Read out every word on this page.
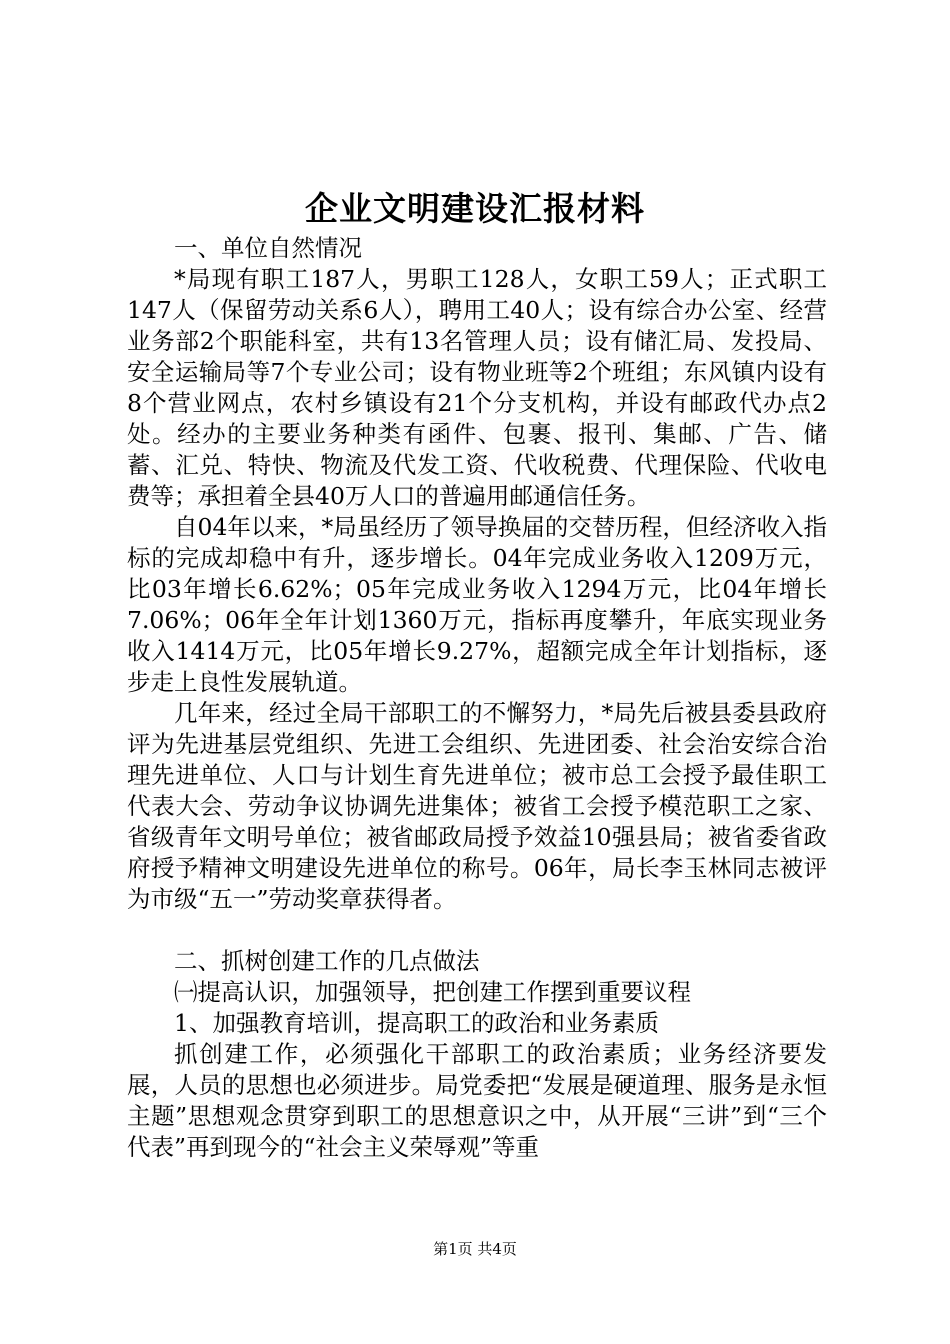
企业文明建设汇报材料

一、单位自然情况

*局现有职工187人，男职工128人，女职工59人；正式职工147人（保留劳动关系6人），聘用工40人；设有综合办公室、经营业务部2个职能科室，共有13名管理人员；设有储汇局、发投局、安全运输局等7个专业公司；设有物业班等2个班组；东风镇内设有8个营业网点，农村乡镇设有21个分支机构，并设有邮政代办点2处。经办的主要业务种类有函件、包裹、报刊、集邮、广告、储蓄、汇兑、特快、物流及代发工资、代收税费、代理保险、代收电费等；承担着全县40万人口的普遍用邮通信任务。

自04年以来，*局虽经历了领导换届的交替历程，但经济收入指标的完成却稳中有升，逐步增长。04年完成业务收入1209万元，比03年增长6.62%；05年完成业务收入1294万元，比04年增长7.06%；06年全年计划1360万元，指标再度攀升，年底实现业务收入1414万元，比05年增长9.27%，超额完成全年计划指标，逐步走上良性发展轨道。

几年来，经过全局干部职工的不懈努力，*局先后被县委县政府评为先进基层党组织、先进工会组织、先进团委、社会治安综合治理先进单位、人口与计划生育先进单位；被市总工会授予最佳职工代表大会、劳动争议协调先进集体；被省工会授予模范职工之家、省级青年文明号单位；被省邮政局授予效益10强县局；被省委省政府授予精神文明建设先进单位的称号。06年，局长李玉林同志被评为市级“五一”劳动奖章获得者。

二、抓树创建工作的几点做法

㈠提高认识，加强领导，把创建工作摆到重要议程

1、加强教育培训，提高职工的政治和业务素质

抓创建工作，必须强化干部职工的政治素质；业务经济要发展，人员的思想也必须进步。局党委把“发展是硬道理、服务是永恒主题”思想观念贯穿到职工的思想意识之中，从开展“三讲”到“三个代表”再到现今的“社会主义荣辱观”等重

第1页 共4页
